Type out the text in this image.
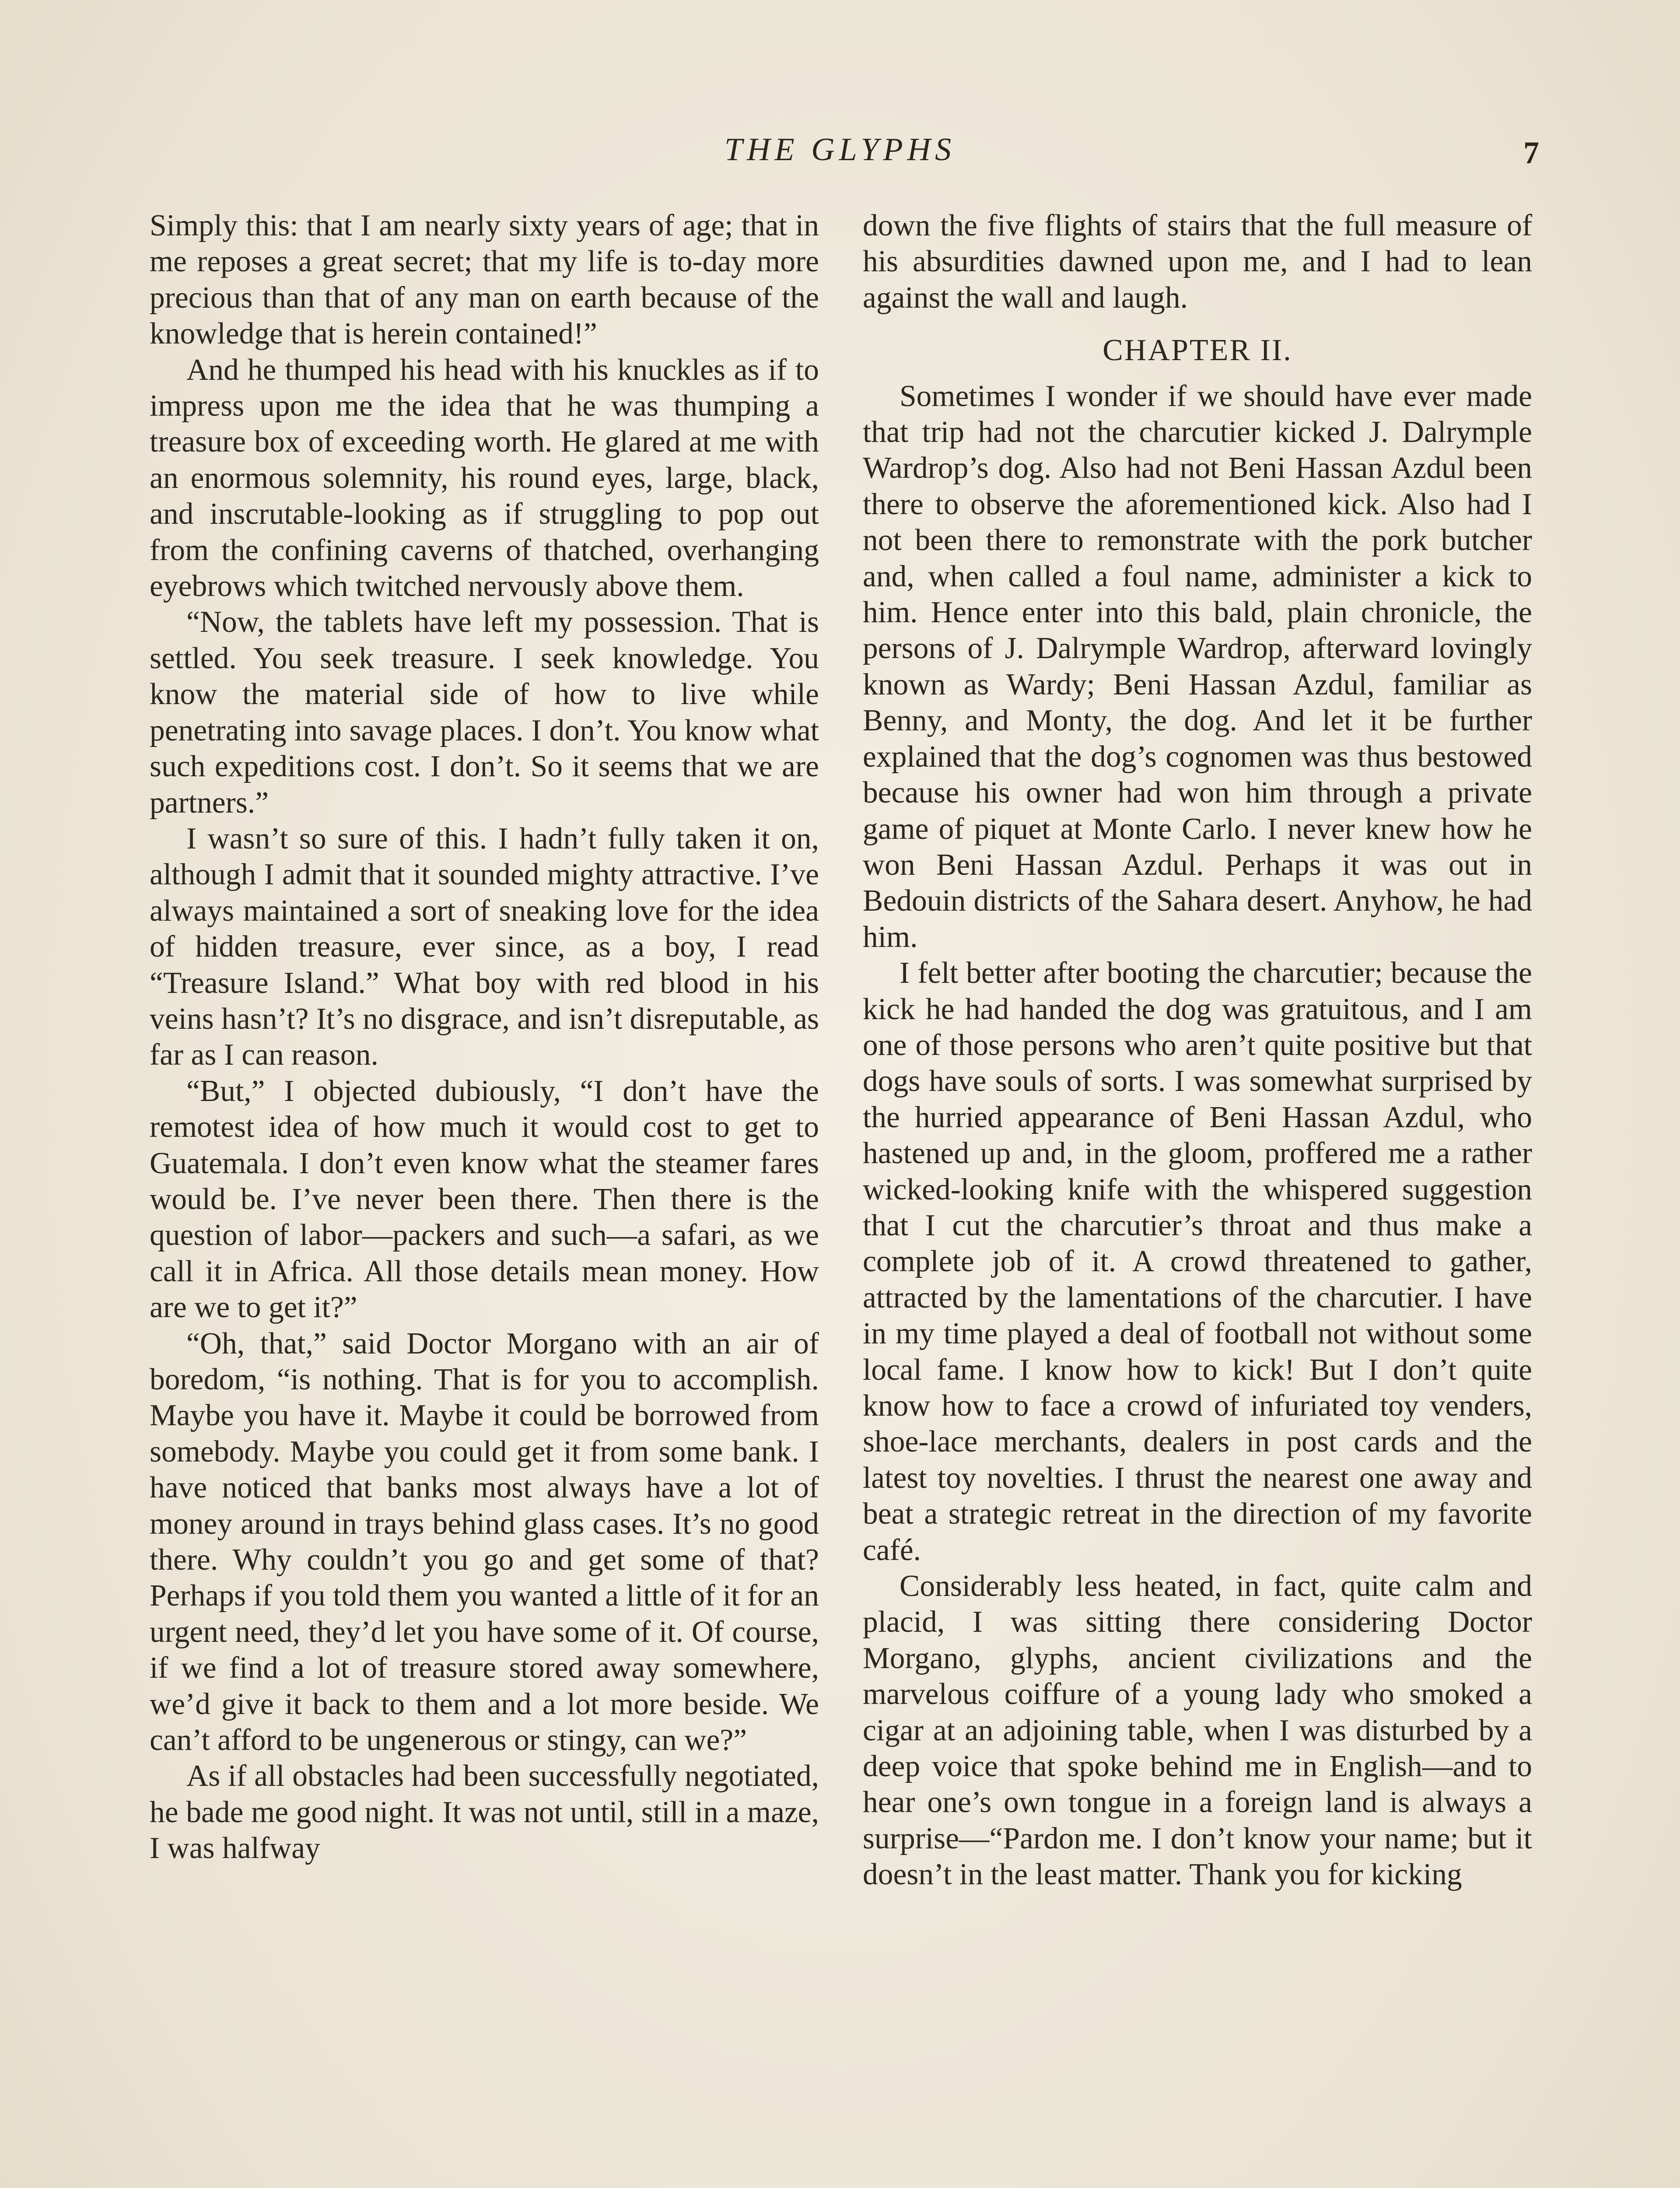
THE GLYPHS	7

Simply this: that I am nearly sixty years of age; that in me reposes a great secret; that my life is to-day more precious than that of any man on earth because of the knowledge that is herein contained!”

And he thumped his head with his knuckles as if to impress upon me the idea that he was thumping a treasure box of exceeding worth. He glared at me with an enormous solemnity, his round eyes, large, black, and inscrutable-looking as if struggling to pop out from the confining caverns of thatched, overhanging eyebrows which twitched nervously above them.

“Now, the tablets have left my possession. That is settled. You seek treasure. I seek knowledge. You know the material side of how to live while penetrating into savage places. I don’t. You know what such expeditions cost. I don’t. So it seems that we are partners.”

I wasn’t so sure of this. I hadn’t fully taken it on, although I admit that it sounded mighty attractive. I’ve always maintained a sort of sneaking love for the idea of hidden treasure, ever since, as a boy, I read “Treasure Island.” What boy with red blood in his veins hasn’t? It’s no disgrace, and isn’t disreputable, as far as I can reason.

“But,” I objected dubiously, “I don’t have the remotest idea of how much it would cost to get to Guatemala. I don’t even know what the steamer fares would be. I’ve never been there. Then there is the question of labor—packers and such—a safari, as we call it in Africa. All those details mean money. How are we to get it?”

“Oh, that,” said Doctor Morgano with an air of boredom, “is nothing. That is for you to accomplish. Maybe you have it. Maybe it could be borrowed from somebody. Maybe you could get it from some bank. I have noticed that banks most always have a lot of money around in trays behind glass cases. It’s no good there. Why couldn’t you go and get some of that? Perhaps if you told them you wanted a little of it for an urgent need, they’d let you have some of it. Of course, if we find a lot of treasure stored away somewhere, we’d give it back to them and a lot more beside. We can’t afford to be ungenerous or stingy, can we?”

As if all obstacles had been successfully negotiated, he bade me good night. It was not until, still in a maze, I was halfway

down the five flights of stairs that the full measure of his absurdities dawned upon me, and I had to lean against the wall and laugh.

CHAPTER II.

Sometimes I wonder if we should have ever made that trip had not the charcutier kicked J. Dalrymple Wardrop’s dog. Also had not Beni Hassan Azdul been there to observe the aforementioned kick. Also had I not been there to remonstrate with the pork butcher and, when called a foul name, administer a kick to him. Hence enter into this bald, plain chronicle, the persons of J. Dalrymple Wardrop, afterward lovingly known as Wardy; Beni Hassan Azdul, familiar as Benny, and Monty, the dog. And let it be further explained that the dog’s cognomen was thus bestowed because his owner had won him through a private game of piquet at Monte Carlo. I never knew how he won Beni Hassan Azdul. Perhaps it was out in Bedouin districts of the Sahara desert. Anyhow, he had him.

I felt better after booting the charcutier; because the kick he had handed the dog was gratuitous, and I am one of those persons who aren’t quite positive but that dogs have souls of sorts. I was somewhat surprised by the hurried appearance of Beni Hassan Azdul, who hastened up and, in the gloom, proffered me a rather wicked-looking knife with the whispered suggestion that I cut the charcutier’s throat and thus make a complete job of it. A crowd threatened to gather, attracted by the lamentations of the charcutier. I have in my time played a deal of football not without some local fame. I know how to kick! But I don’t quite know how to face a crowd of infuriated toy venders, shoe-lace merchants, dealers in post cards and the latest toy novelties. I thrust the nearest one away and beat a strategic retreat in the direction of my favorite café.

Considerably less heated, in fact, quite calm and placid, I was sitting there considering Doctor Morgano, glyphs, ancient civilizations and the marvelous coiffure of a young lady who smoked a cigar at an adjoining table, when I was disturbed by a deep voice that spoke behind me in English—and to hear one’s own tongue in a foreign land is always a surprise—“Pardon me. I don’t know your name; but it doesn’t in the least matter. Thank you for kicking
